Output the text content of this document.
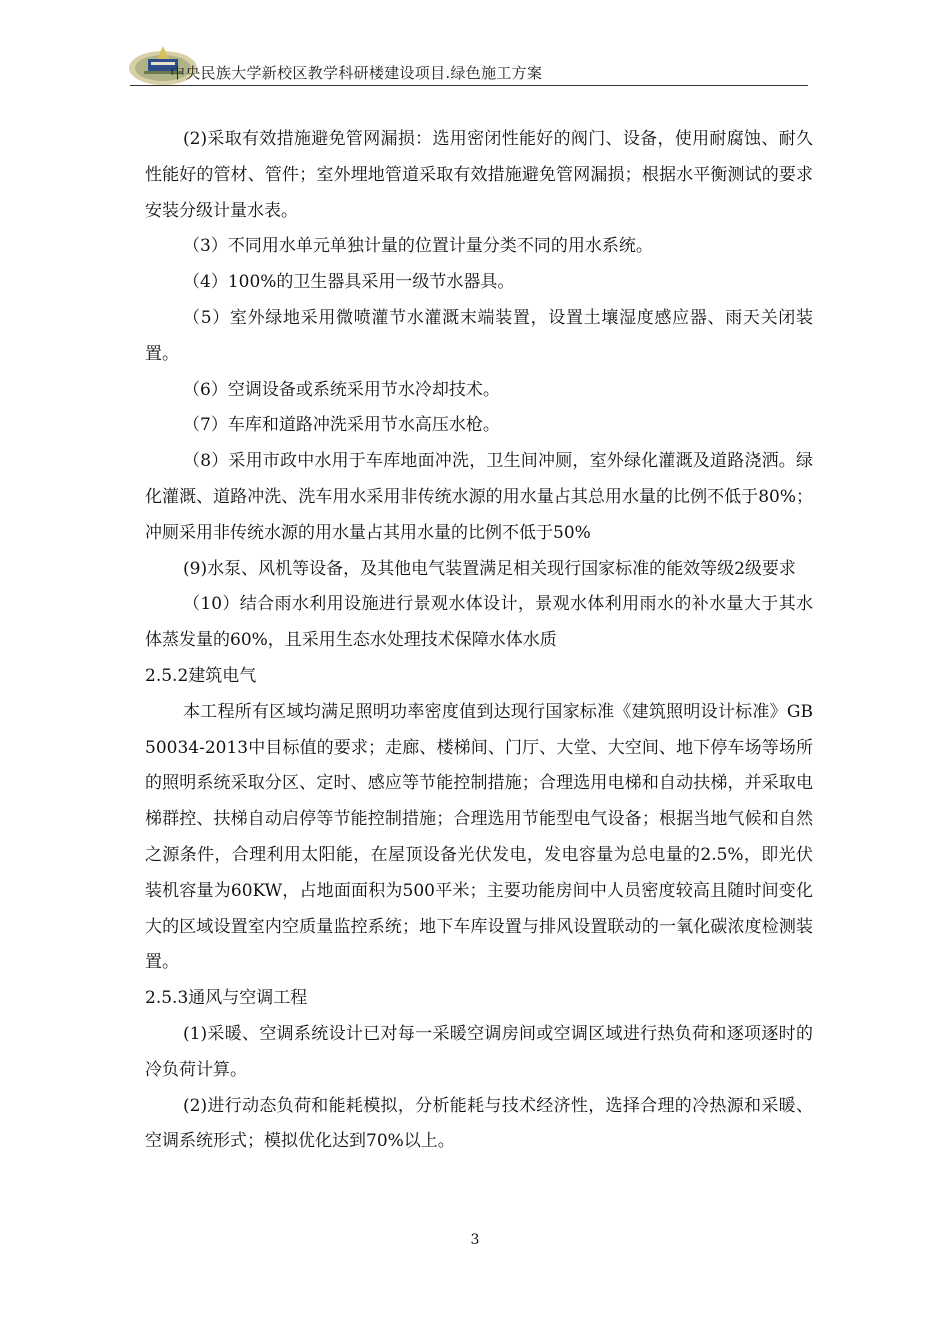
中央民族大学新校区教学科研楼建设项目.绿色施工方案

(2)采取有效措施避免管网漏损：选用密闭性能好的阀门、设备，使用耐腐蚀、耐久性能好的管材、管件；室外埋地管道采取有效措施避免管网漏损；根据水平衡测试的要求安装分级计量水表。

（3）不同用水单元单独计量的位置计量分类不同的用水系统。

（4）100%的卫生器具采用一级节水器具。

（5）室外绿地采用微喷灌节水灌溉末端装置，设置土壤湿度感应器、雨天关闭装置。

（6）空调设备或系统采用节水冷却技术。

（7）车库和道路冲洗采用节水高压水枪。

（8）采用市政中水用于车库地面冲洗，卫生间冲厕，室外绿化灌溉及道路浇洒。绿化灌溉、道路冲洗、洗车用水采用非传统水源的用水量占其总用水量的比例不低于80%；冲厕采用非传统水源的用水量占其用水量的比例不低于50%

(9)水泵、风机等设备，及其他电气装置满足相关现行国家标准的能效等级2级要求

（10）结合雨水利用设施进行景观水体设计，景观水体利用雨水的补水量大于其水体蒸发量的60%，且采用生态水处理技术保障水体水质

2.5.2建筑电气

本工程所有区域均满足照明功率密度值到达现行国家标准《建筑照明设计标准》GB 50034-2013中目标值的要求；走廊、楼梯间、门厅、大堂、大空间、地下停车场等场所的照明系统采取分区、定时、感应等节能控制措施；合理选用电梯和自动扶梯，并采取电梯群控、扶梯自动启停等节能控制措施；合理选用节能型电气设备；根据当地气候和自然之源条件，合理利用太阳能，在屋顶设备光伏发电，发电容量为总电量的2.5%，即光伏装机容量为60KW，占地面面积为500平米；主要功能房间中人员密度较高且随时间变化大的区域设置室内空质量监控系统；地下车库设置与排风设置联动的一氧化碳浓度检测装置。

2.5.3通风与空调工程

(1)采暖、空调系统设计已对每一采暖空调房间或空调区域进行热负荷和逐项逐时的冷负荷计算。

(2)进行动态负荷和能耗模拟，分析能耗与技术经济性，选择合理的冷热源和采暖、空调系统形式；模拟优化达到70%以上。

3
